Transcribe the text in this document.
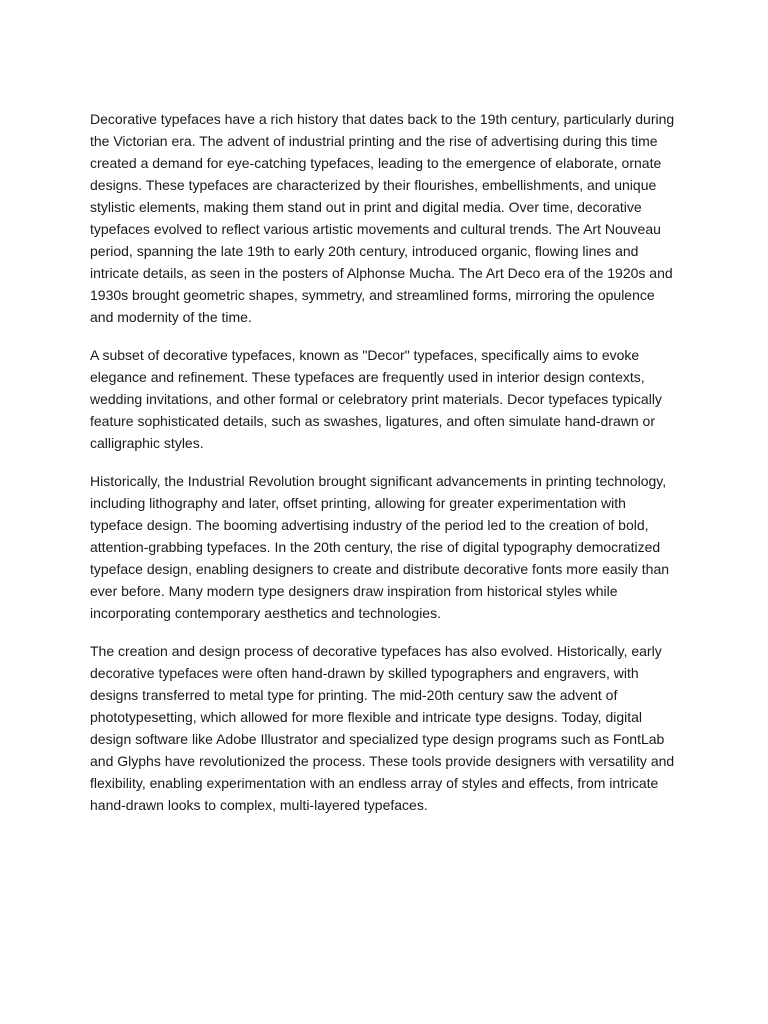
Decorative typefaces have a rich history that dates back to the 19th century, particularly during the Victorian era. The advent of industrial printing and the rise of advertising during this time created a demand for eye-catching typefaces, leading to the emergence of elaborate, ornate designs. These typefaces are characterized by their flourishes, embellishments, and unique stylistic elements, making them stand out in print and digital media. Over time, decorative typefaces evolved to reflect various artistic movements and cultural trends. The Art Nouveau period, spanning the late 19th to early 20th century, introduced organic, flowing lines and intricate details, as seen in the posters of Alphonse Mucha. The Art Deco era of the 1920s and 1930s brought geometric shapes, symmetry, and streamlined forms, mirroring the opulence and modernity of the time.

A subset of decorative typefaces, known as "Decor" typefaces, specifically aims to evoke elegance and refinement. These typefaces are frequently used in interior design contexts, wedding invitations, and other formal or celebratory print materials. Decor typefaces typically feature sophisticated details, such as swashes, ligatures, and often simulate hand-drawn or calligraphic styles.

Historically, the Industrial Revolution brought significant advancements in printing technology, including lithography and later, offset printing, allowing for greater experimentation with typeface design. The booming advertising industry of the period led to the creation of bold, attention-grabbing typefaces. In the 20th century, the rise of digital typography democratized typeface design, enabling designers to create and distribute decorative fonts more easily than ever before. Many modern type designers draw inspiration from historical styles while incorporating contemporary aesthetics and technologies.

The creation and design process of decorative typefaces has also evolved. Historically, early decorative typefaces were often hand-drawn by skilled typographers and engravers, with designs transferred to metal type for printing. The mid-20th century saw the advent of phototypesetting, which allowed for more flexible and intricate type designs. Today, digital design software like Adobe Illustrator and specialized type design programs such as FontLab and Glyphs have revolutionized the process. These tools provide designers with versatility and flexibility, enabling experimentation with an endless array of styles and effects, from intricate hand-drawn looks to complex, multi-layered typefaces.
